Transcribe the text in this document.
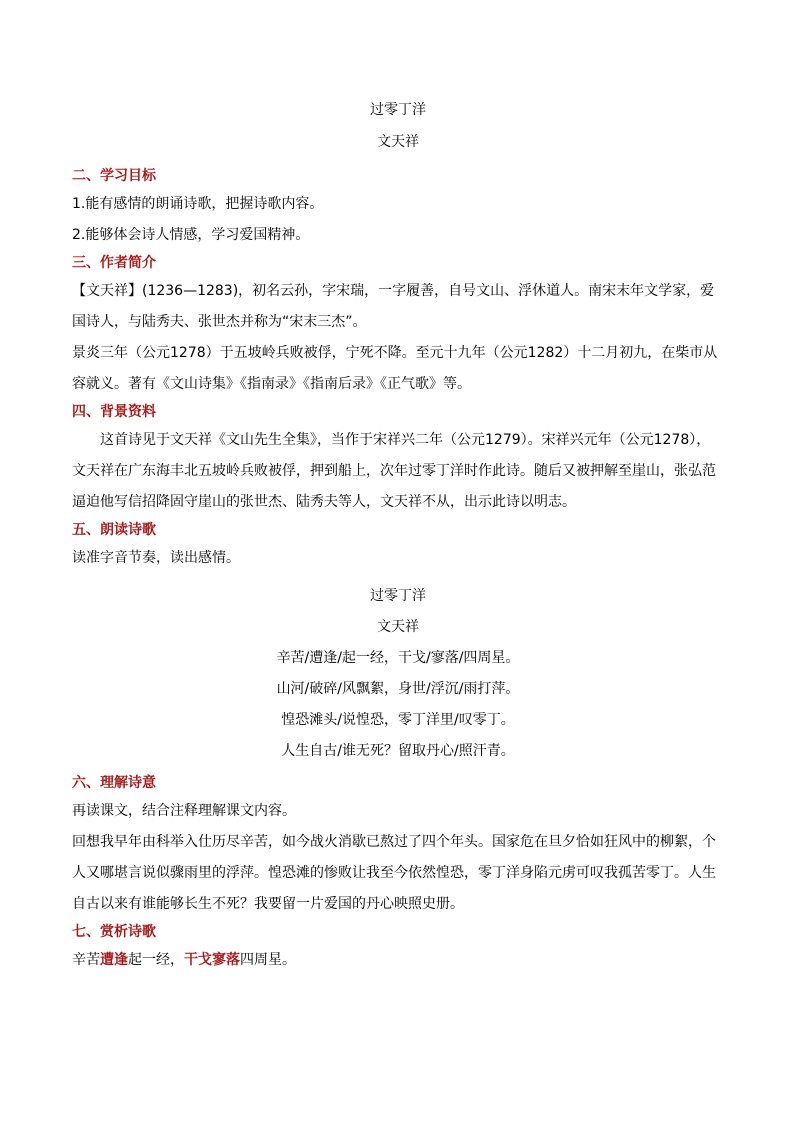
过零丁洋
文天祥
二、学习目标

1.能有感情的朗诵诗歌，把握诗歌内容。

2.能够体会诗人情感，学习爱国精神。

三、作者简介

【文天祥】(1236—1283)，初名云孙，字宋瑞，一字履善，自号文山、浮休道人。南宋末年文学家，爱国诗人，与陆秀夫、张世杰并称为“宋末三杰”。

景炎三年（公元1278）于五坡岭兵败被俘，宁死不降。至元十九年（公元1282）十二月初九，在柴市从容就义。著有《文山诗集》《指南录》《指南后录》《正气歌》等。

四、背景资料

这首诗见于文天祥《文山先生全集》，当作于宋祥兴二年（公元1279）。宋祥兴元年（公元1278），文天祥在广东海丰北五坡岭兵败被俘，押到船上，次年过零丁洋时作此诗。随后又被押解至崖山，张弘范逼迫他写信招降固守崖山的张世杰、陆秀夫等人，文天祥不从，出示此诗以明志。

五、朗读诗歌

读准字音节奏，读出感情。

过零丁洋
文天祥
辛苦/遭逢/起一经，干戈/寥落/四周星。
山河/破碎/风飘絮，身世/浮沉/雨打萍。
惶恐滩头/说惶恐，零丁洋里/叹零丁。
人生自古/谁无死？留取丹心/照汗青。
六、理解诗意

再读课文，结合注释理解课文内容。

回想我早年由科举入仕历尽辛苦，如今战火消歇已熬过了四个年头。国家危在旦夕恰如狂风中的柳絮，个人又哪堪言说似骤雨里的浮萍。惶恐滩的惨败让我至今依然惶恐，零丁洋身陷元虏可叹我孤苦零丁。人生自古以来有谁能够长生不死？我要留一片爱国的丹心映照史册。

七、赏析诗歌

辛苦遭逢起一经，干戈寥落四周星。
